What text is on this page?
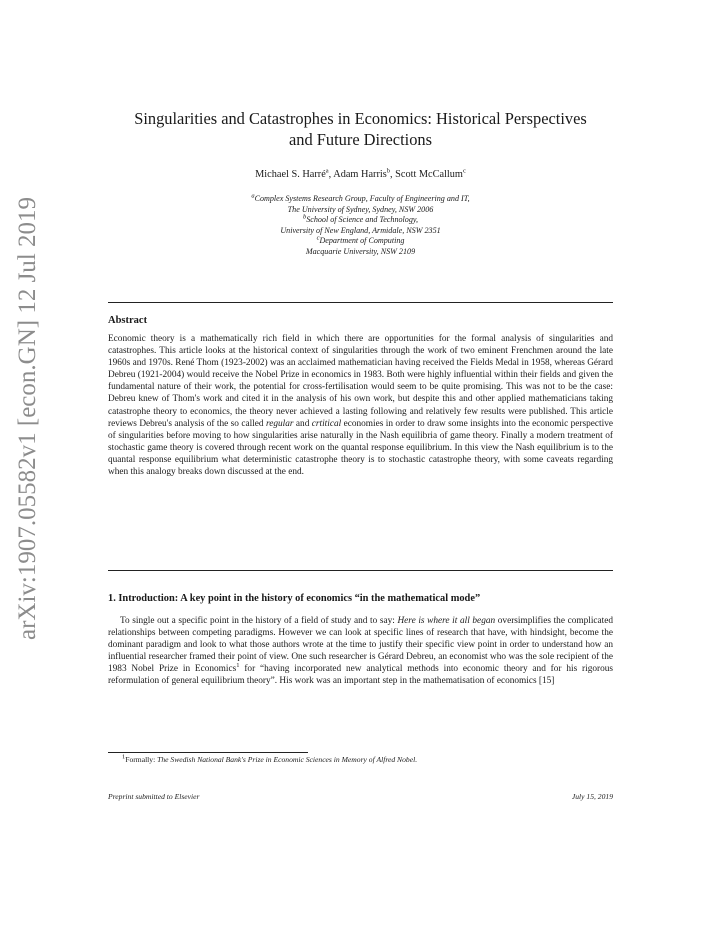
arXiv:1907.05582v1 [econ.GN] 12 Jul 2019
Singularities and Catastrophes in Economics: Historical Perspectives
and Future Directions
Michael S. Harré$^a$, Adam Harris$^b$, Scott McCallum$^c$
$^a$Complex Systems Research Group, Faculty of Engineering and IT,
The University of Sydney, Sydney, NSW 2006
$^b$School of Science and Technology,
University of New England, Armidale, NSW 2351
$^c$Department of Computing
Macquarie University, NSW 2109
Abstract
Economic theory is a mathematically rich field in which there are opportunities for the formal analysis of singularities and catastrophes. This article looks at the historical context of singularities through the work of two eminent Frenchmen around the late 1960s and 1970s. René Thom (1923-2002) was an acclaimed mathematician having received the Fields Medal in 1958, whereas Gérard Debreu (1921-2004) would receive the Nobel Prize in economics in 1983. Both were highly influential within their fields and given the fundamental nature of their work, the potential for cross-fertilisation would seem to be quite promising. This was not to be the case: Debreu knew of Thom's work and cited it in the analysis of his own work, but despite this and other applied mathematicians taking catastrophe theory to economics, the theory never achieved a lasting following and relatively few results were published. This article reviews Debreu's analysis of the so called regular and crtitical economies in order to draw some insights into the economic perspective of singularities before moving to how singularities arise naturally in the Nash equilibria of game theory. Finally a modern treatment of stochastic game theory is covered through recent work on the quantal response equilibrium. In this view the Nash equilibrium is to the quantal response equilibrium what deterministic catastrophe theory is to stochastic catastrophe theory, with some caveats regarding when this analogy breaks down discussed at the end.
1. Introduction: A key point in the history of economics “in the mathematical mode”
To single out a specific point in the history of a field of study and to say: Here is where it all began oversimplifies the complicated relationships between competing paradigms. However we can look at specific lines of research that have, with hindsight, become the dominant paradigm and look to what those authors wrote at the time to justify their specific view point in order to understand how an influential researcher framed their point of view. One such researcher is Gérard Debreu, an economist who was the sole recipient of the 1983 Nobel Prize in Economics$^1$ for “having incorporated new analytical methods into economic theory and for his rigorous reformulation of general equilibrium theory”. His work was an important step in the mathematisation of economics [15]
$^1$Formally: The Swedish National Bank's Prize in Economic Sciences in Memory of Alfred Nobel.
Preprint submitted to Elsevier	July 15, 2019
